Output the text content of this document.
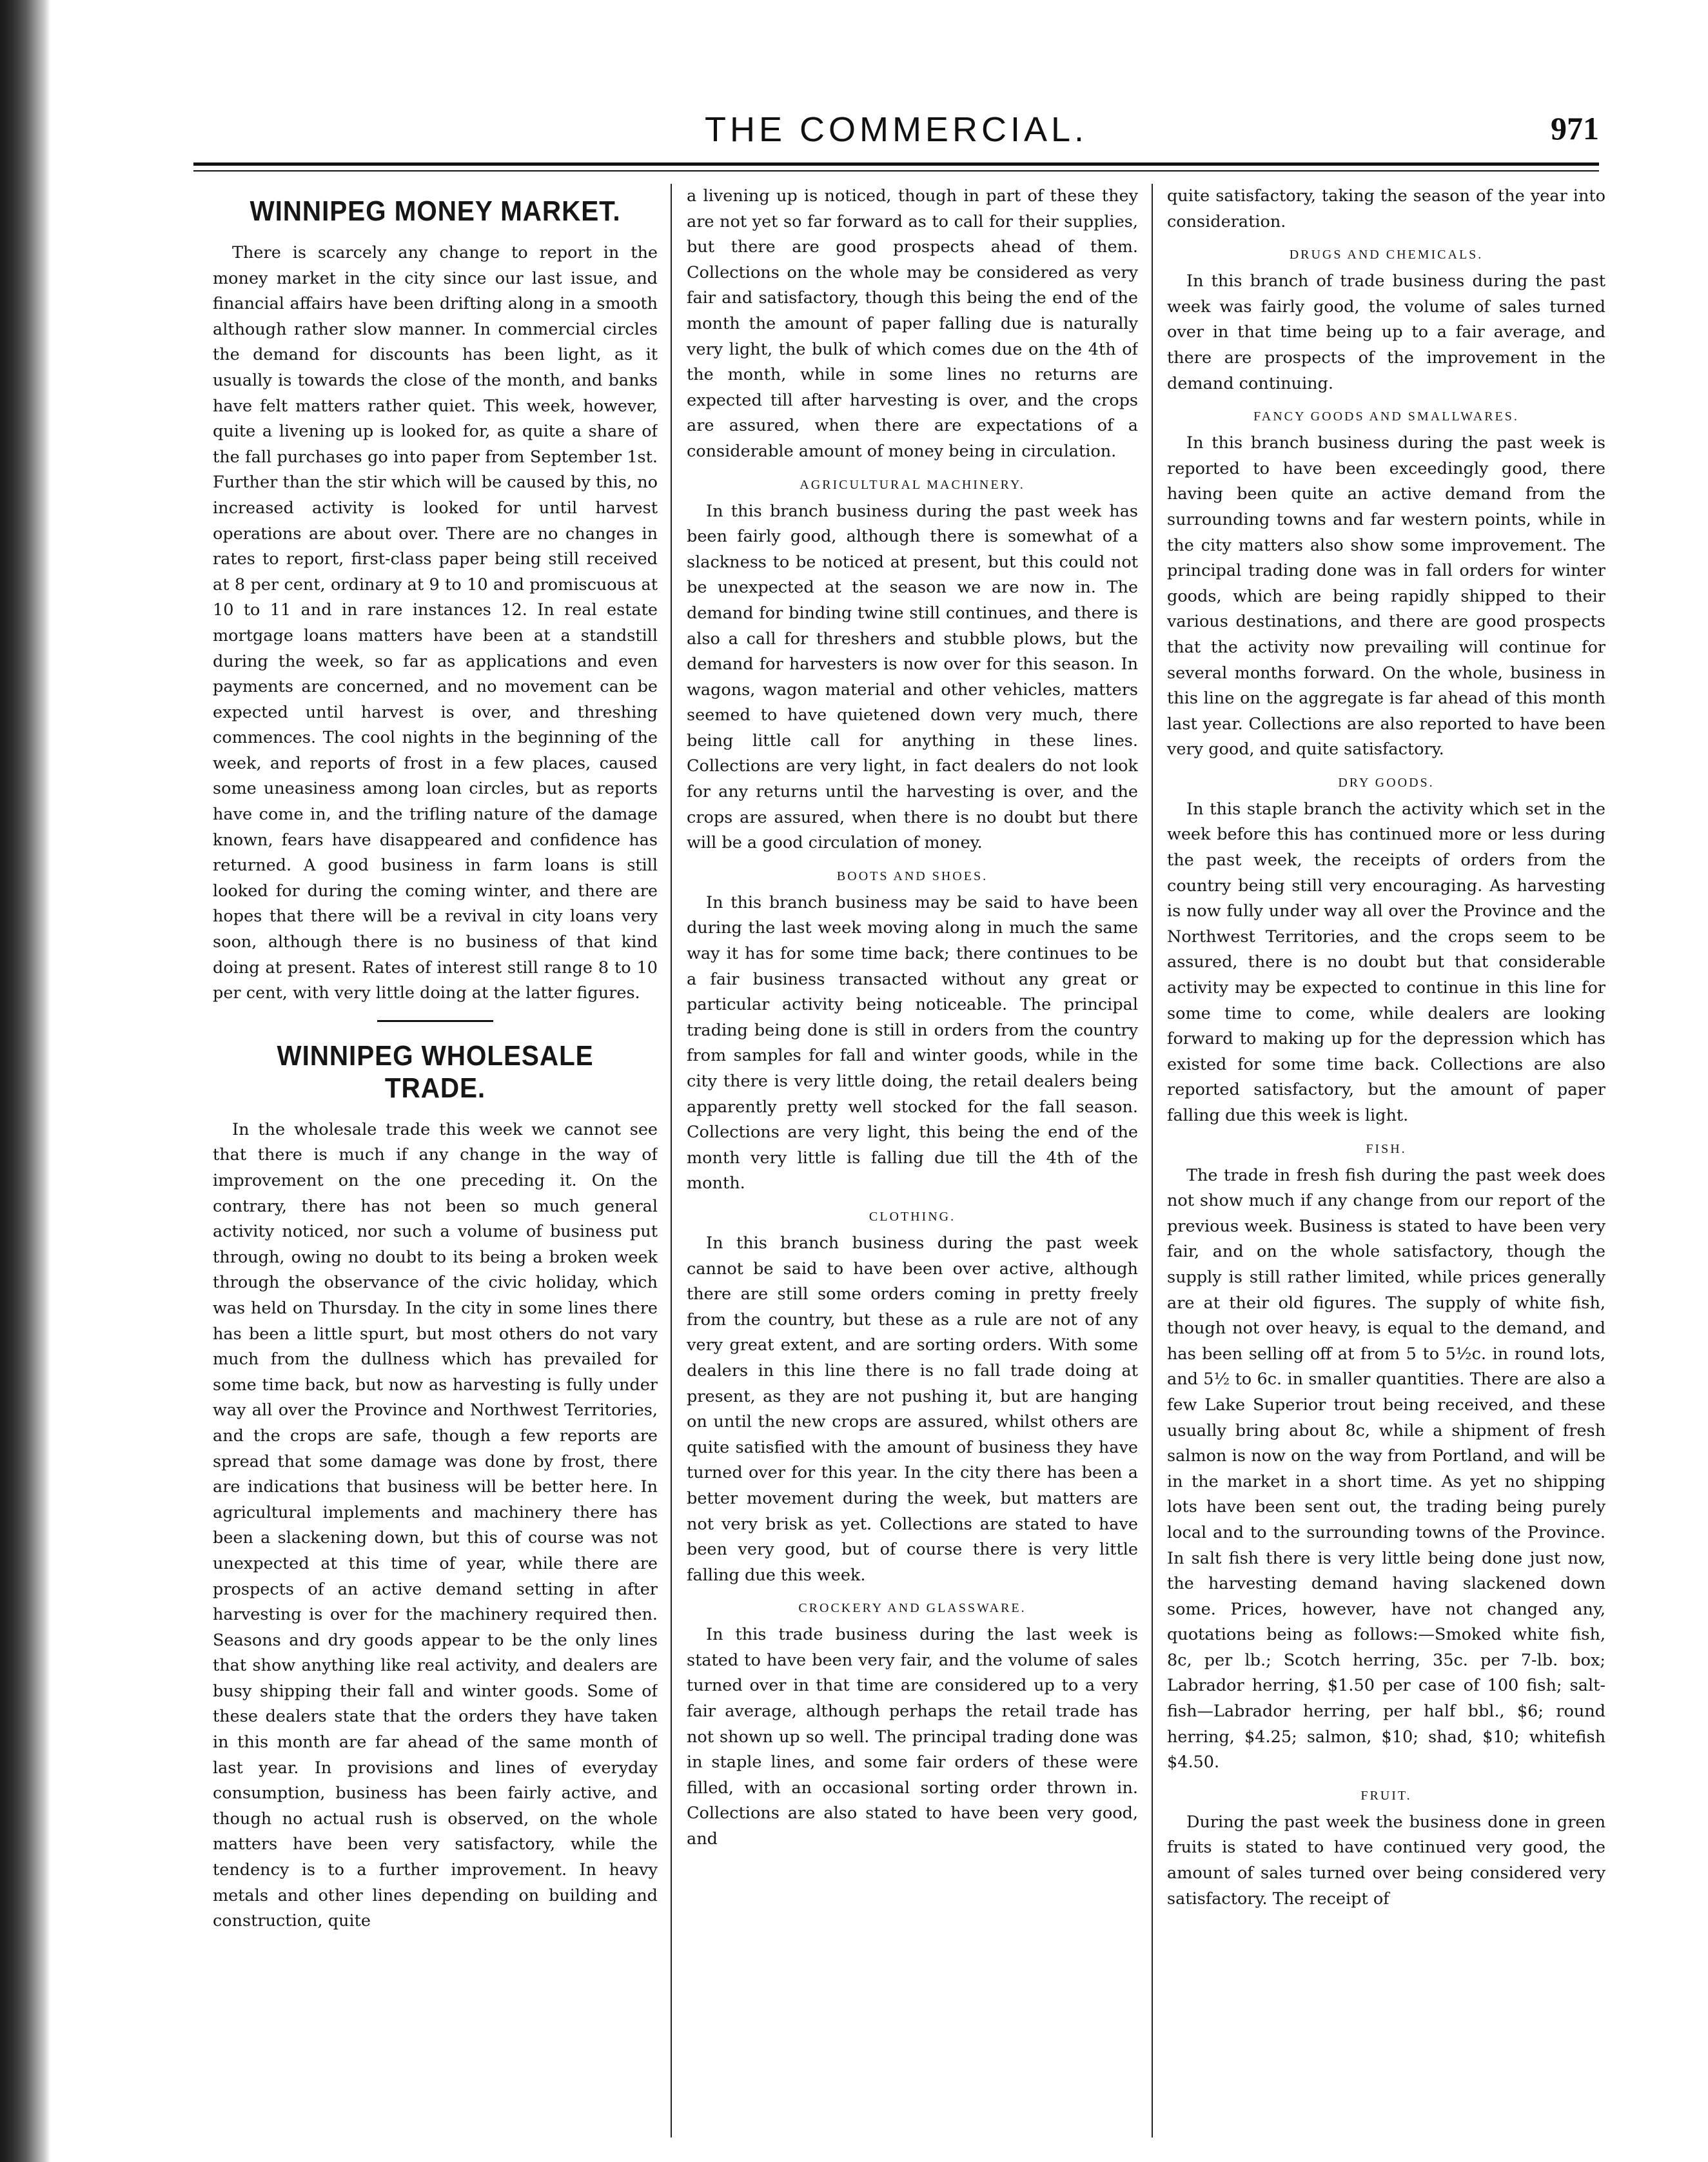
THE COMMERCIAL.	971
WINNIPEG MONEY MARKET.

There is scarcely any change to report in the money market in the city since our last issue, and financial affairs have been drifting along in a smooth although rather slow manner. In commercial circles the demand for discounts has been light, as it usually is towards the close of the month, and banks have felt matters rather quiet. This week, however, quite a livening up is looked for, as quite a share of the fall purchases go into paper from September 1st. Further than the stir which will be caused by this, no increased activity is looked for until harvest operations are about over. There are no changes in rates to report, first-class paper being still received at 8 per cent, ordinary at 9 to 10 and promiscuous at 10 to 11 and in rare instances 12. In real estate mortgage loans matters have been at a standstill during the week, so far as applications and even payments are concerned, and no movement can be expected until harvest is over, and threshing commences. The cool nights in the beginning of the week, and reports of frost in a few places, caused some uneasiness among loan circles, but as reports have come in, and the trifling nature of the damage known, fears have disappeared and confidence has returned. A good business in farm loans is still looked for during the coming winter, and there are hopes that there will be a revival in city loans very soon, although there is no business of that kind doing at present. Rates of interest still range 8 to 10 per cent, with very little doing at the latter figures.

WINNIPEG WHOLESALE TRADE.

In the wholesale trade this week we cannot see that there is much if any change in the way of improvement on the one preceding it. On the contrary, there has not been so much general activity noticed, nor such a volume of business put through, owing no doubt to its being a broken week through the observance of the civic holiday, which was held on Thursday. In the city in some lines there has been a little spurt, but most others do not vary much from the dullness which has prevailed for some time back, but now as harvesting is fully under way all over the Province and Northwest Territories, and the crops are safe, though a few reports are spread that some damage was done by frost, there are indications that business will be better here. In agricultural implements and machinery there has been a slackening down, but this of course was not unexpected at this time of year, while there are prospects of an active demand setting in after harvesting is over for the machinery required then. Seasons and dry goods appear to be the only lines that show anything like real activity, and dealers are busy shipping their fall and winter goods. Some of these dealers state that the orders they have taken in this month are far ahead of the same month of last year. In provisions and lines of everyday consumption, business has been fairly active, and though no actual rush is observed, on the whole matters have been very satisfactory, while the tendency is to a further improvement. In heavy metals and other lines depending on building and construction, quite

a livening up is noticed, though in part of these they are not yet so far forward as to call for their supplies, but there are good prospects ahead of them. Collections on the whole may be considered as very fair and satisfactory, though this being the end of the month the amount of paper falling due is naturally very light, the bulk of which comes due on the 4th of the month, while in some lines no returns are expected till after harvesting is over, and the crops are assured, when there are expectations of a considerable amount of money being in circulation.

AGRICULTURAL MACHINERY.

In this branch business during the past week has been fairly good, although there is somewhat of a slackness to be noticed at present, but this could not be unexpected at the season we are now in. The demand for binding twine still continues, and there is also a call for threshers and stubble plows, but the demand for harvesters is now over for this season. In wagons, wagon material and other vehicles, matters seemed to have quietened down very much, there being little call for anything in these lines. Collections are very light, in fact dealers do not look for any returns until the harvesting is over, and the crops are assured, when there is no doubt but there will be a good circulation of money.

BOOTS AND SHOES.

In this branch business may be said to have been during the last week moving along in much the same way it has for some time back; there continues to be a fair business transacted without any great or particular activity being noticeable. The principal trading being done is still in orders from the country from samples for fall and winter goods, while in the city there is very little doing, the retail dealers being apparently pretty well stocked for the fall season. Collections are very light, this being the end of the month very little is falling due till the 4th of the month.

CLOTHING.

In this branch business during the past week cannot be said to have been over active, although there are still some orders coming in pretty freely from the country, but these as a rule are not of any very great extent, and are sorting orders. With some dealers in this line there is no fall trade doing at present, as they are not pushing it, but are hanging on until the new crops are assured, whilst others are quite satisfied with the amount of business they have turned over for this year. In the city there has been a better movement during the week, but matters are not very brisk as yet. Collections are stated to have been very good, but of course there is very little falling due this week.

CROCKERY AND GLASSWARE.

In this trade business during the last week is stated to have been very fair, and the volume of sales turned over in that time are considered up to a very fair average, although perhaps the retail trade has not shown up so well. The principal trading done was in staple lines, and some fair orders of these were filled, with an occasional sorting order thrown in. Collections are also stated to have been very good, and

quite satisfactory, taking the season of the year into consideration.

DRUGS AND CHEMICALS.

In this branch of trade business during the past week was fairly good, the volume of sales turned over in that time being up to a fair average, and there are prospects of the improvement in the demand continuing.

FANCY GOODS AND SMALLWARES.

In this branch business during the past week is reported to have been exceedingly good, there having been quite an active demand from the surrounding towns and far western points, while in the city matters also show some improvement. The principal trading done was in fall orders for winter goods, which are being rapidly shipped to their various destinations, and there are good prospects that the activity now prevailing will continue for several months forward. On the whole, business in this line on the aggregate is far ahead of this month last year. Collections are also reported to have been very good, and quite satisfactory.

DRY GOODS.

In this staple branch the activity which set in the week before this has continued more or less during the past week, the receipts of orders from the country being still very encouraging. As harvesting is now fully under way all over the Province and the Northwest Territories, and the crops seem to be assured, there is no doubt but that considerable activity may be expected to continue in this line for some time to come, while dealers are looking forward to making up for the depression which has existed for some time back. Collections are also reported satisfactory, but the amount of paper falling due this week is light.

FISH.

The trade in fresh fish during the past week does not show much if any change from our report of the previous week. Business is stated to have been very fair, and on the whole satisfactory, though the supply is still rather limited, while prices generally are at their old figures. The supply of white fish, though not over heavy, is equal to the demand, and has been selling off at from 5 to 5½c. in round lots, and 5½ to 6c. in smaller quantities. There are also a few Lake Superior trout being received, and these usually bring about 8c, while a shipment of fresh salmon is now on the way from Portland, and will be in the market in a short time. As yet no shipping lots have been sent out, the trading being purely local and to the surrounding towns of the Province. In salt fish there is very little being done just now, the harvesting demand having slackened down some. Prices, however, have not changed any, quotations being as follows:—Smoked white fish, 8c, per lb.; Scotch herring, 35c. per 7-lb. box; Labrador herring, $1.50 per case of 100 fish; salt-fish—Labrador herring, per half bbl., $6; round herring, $4.25; salmon, $10; shad, $10; whitefish $4.50.

FRUIT.

During the past week the business done in green fruits is stated to have continued very good, the amount of sales turned over being considered very satisfactory. The receipt of
